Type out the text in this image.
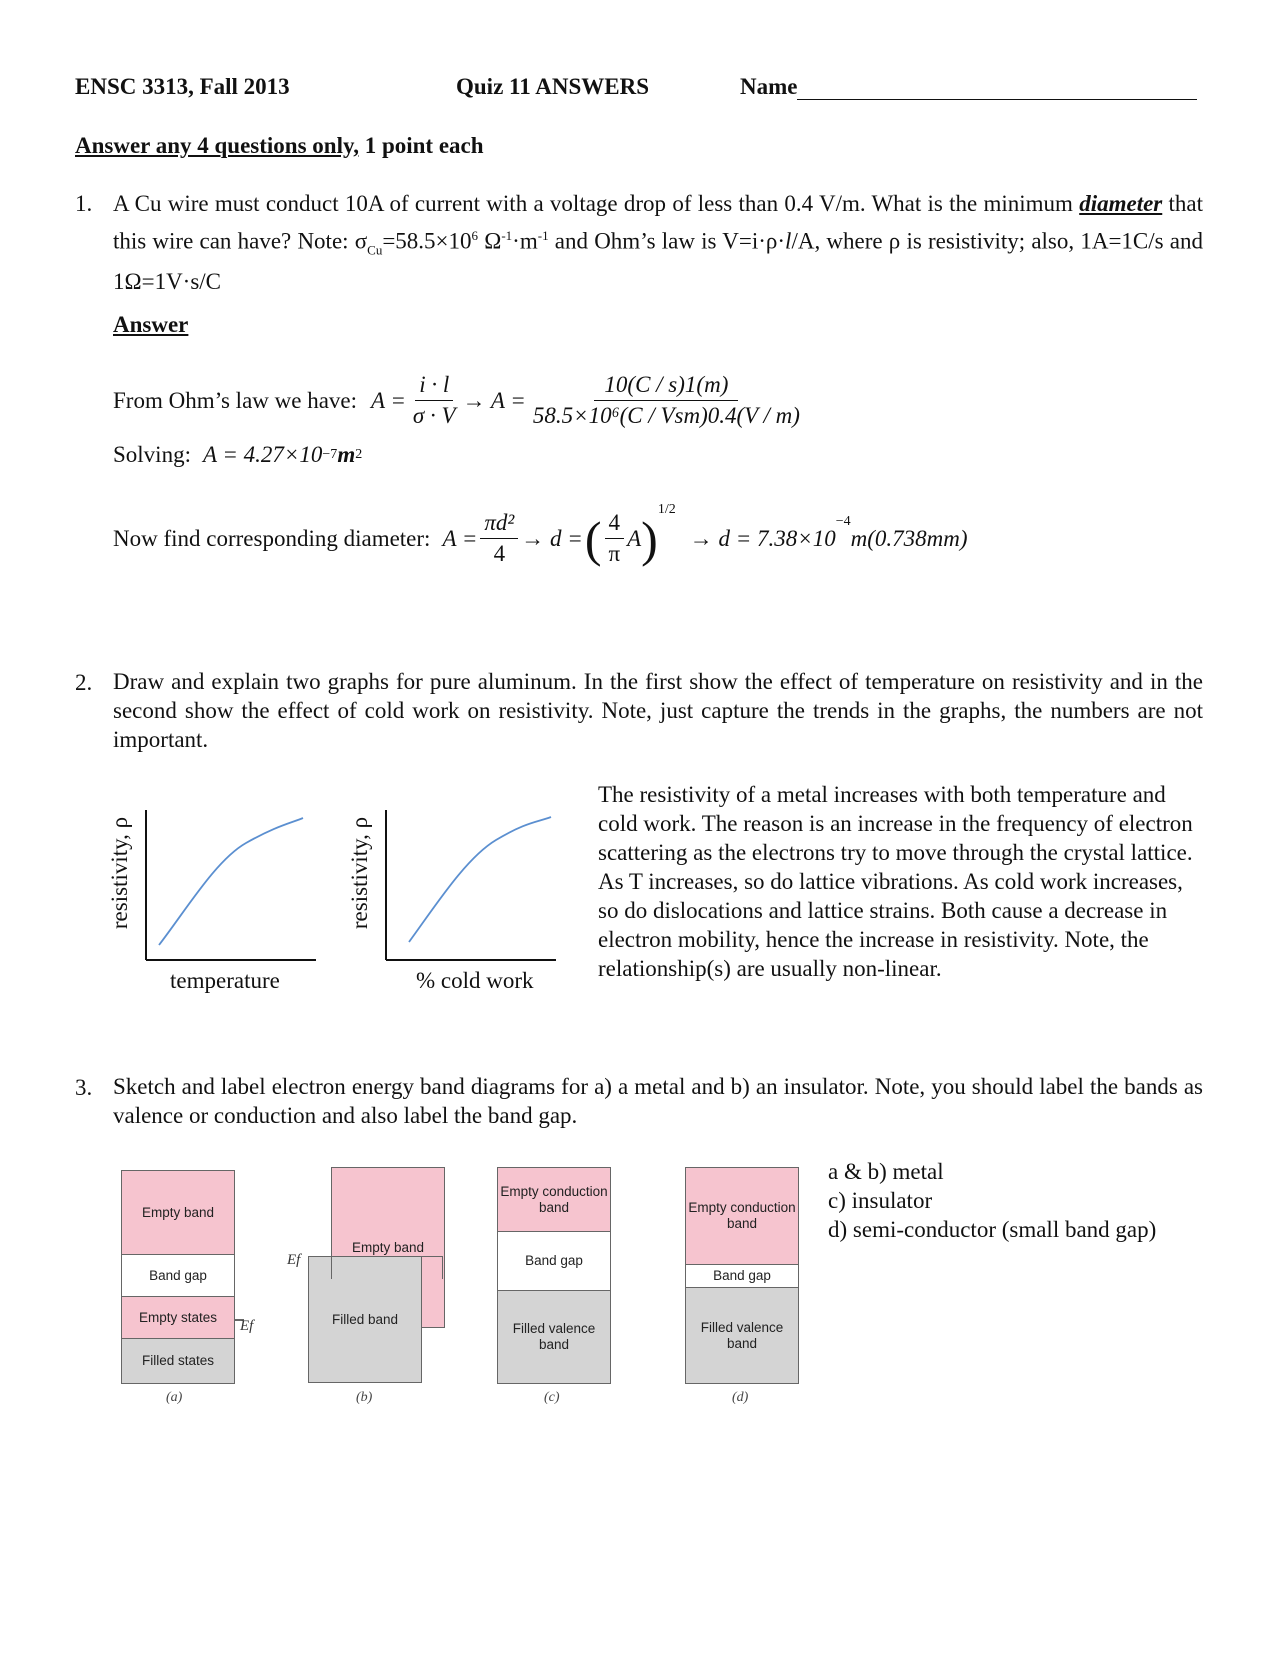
ENSC 3313, Fall 2013	Quiz 11 ANSWERS	Name
Answer any 4 questions only, 1 point each
1. A Cu wire must conduct 10A of current with a voltage drop of less than 0.4 V/m. What is the minimum diameter that this wire can have? Note: $\sigma_{Cu}=58.5\times 10^6$ $\Omega^{-1}\cdot m^{-1}$ and Ohm’s law is V=i·ρ·l/A, where ρ is resistivity; also, 1A=1C/s and 1Ω=1V·s/C
Answer
From Ohm’s law we have: $A = \frac{i \cdot l}{\sigma \cdot V} \to A = \frac{10(C / s)1(m)}{\text{58.5×10⁶(C / Vsm)0.4(V / m)}}$
Solving: A = 4.27×10 −7 m 2
Now find corresponding diameter: $A = \frac{\text{πd²}}{4} \to d$ = ( $\frac{4}{\pi}$ A )
1/2
→ d = 7.38×10
−4
m(0.738mm)
2. Draw and explain two graphs for pure aluminum. In the first show the effect of temperature on resistivity and in the second show the effect of cold work on resistivity. Note, just capture the trends in the graphs, the numbers are not important.
resistivity, ρ
temperature
resistivity, ρ
% cold work
The resistivity of a metal increases with both temperature and cold work. The reason is an increase in the frequency of electron scattering as the electrons try to move through the crystal lattice. As T increases, so do lattice vibrations. As cold work increases, so do dislocations and lattice strains. Both cause a decrease in electron mobility, hence the increase in resistivity. Note, the relationship(s) are usually non-linear.
3. Sketch and label electron energy band diagrams for a) a metal and b) an insulator. Note, you should label the bands as valence or conduction and also label the band gap.
Empty band
Band gap
Empty states
Filled states
Ef
(a)
Empty band
Filled band
Ef
(b)
Empty conduction band
Band gap
Filled valence band
(c)
Empty conduction band
Band gap
Filled valence band
(d)
a & b) metal
c) insulator
d) semi-conductor (small band gap)
